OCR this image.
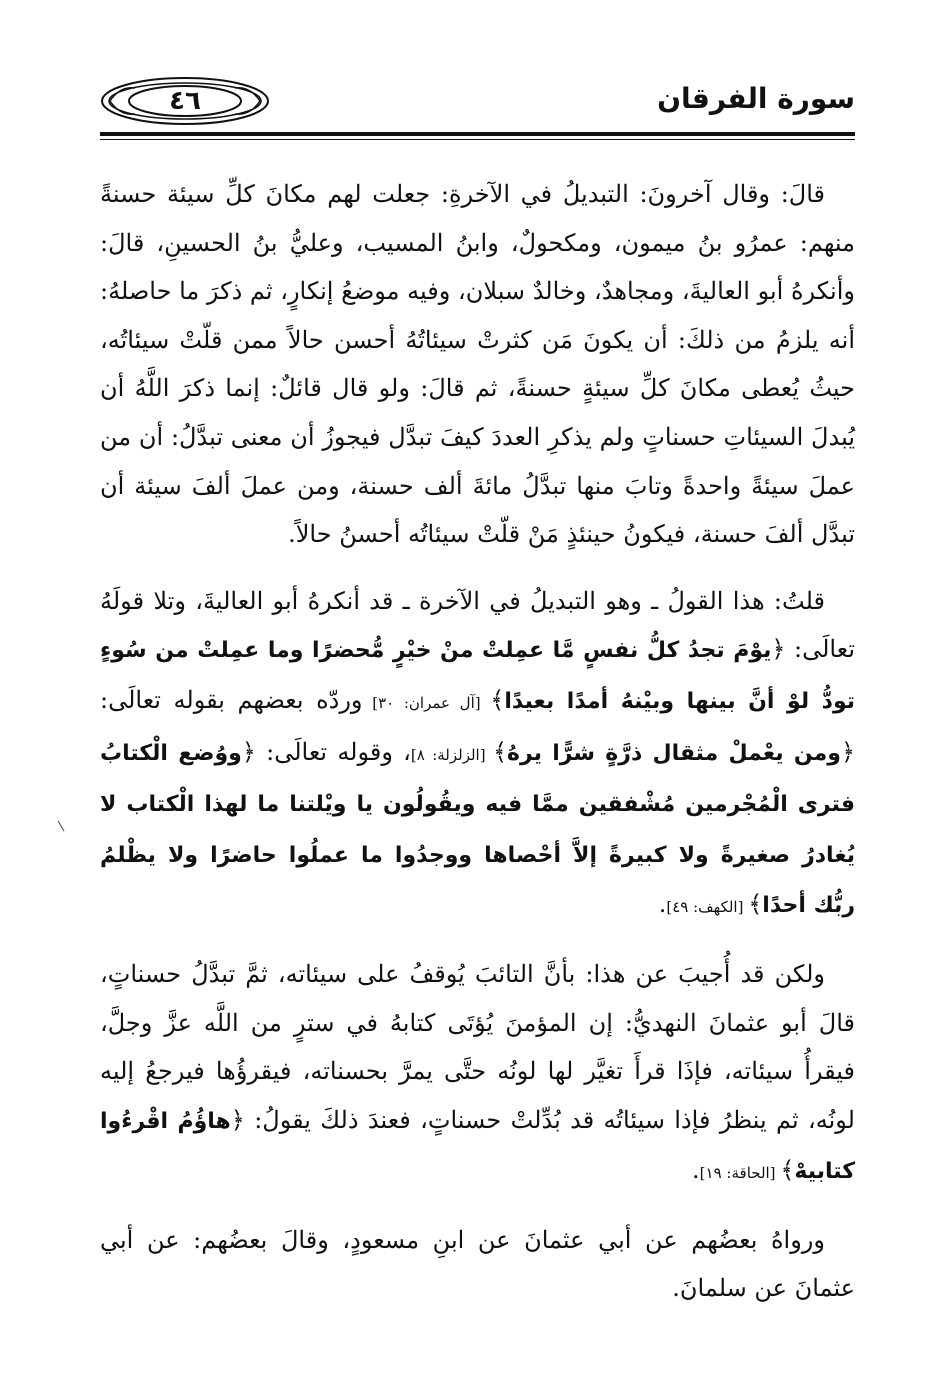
٤٦	سورة الفرقان

قالَ: وقال آخرونَ: التبديلُ في الآخرةِ: جعلت لهم مكانَ كلِّ سيئة حسنةً منهم: عمرُو بنُ ميمون، ومكحولٌ، وابنُ المسيب، وعليُّ بنُ الحسينِ، قالَ: وأنكرهُ أبو العاليةَ، ومجاهدٌ، وخالدٌ سبلان، وفيه موضعُ إنكارٍ، ثم ذكرَ ما حاصلهُ: أنه يلزمُ من ذلكَ: أن يكونَ مَن كثرتْ سيئاتُهُ أحسن حالاً ممن قلّتْ سيئاتُه، حيثُ يُعطى مكانَ كلِّ سيئةٍ حسنةً، ثم قالَ: ولو قال قائلٌ: إنما ذكرَ اللَّهُ أن يُبدلَ السيئاتِ حسناتٍ ولم يذكرِ العددَ كيفَ تبدَّل فيجوزُ أن معنى تبدَّلُ: أن من عملَ سيئةً واحدةً وتابَ منها تبدَّلُ مائةَ ألف حسنة، ومن عملَ ألفَ سيئة أن تبدَّل ألفَ حسنة، فيكونُ حينئذٍ مَنْ قلّتْ سيئاتُه أحسنُ حالاً.

قلتُ: هذا القولُ ـ وهو التبديلُ في الآخرة ـ قد أنكرهُ أبو العاليةَ، وتلا قولَهُ تعالَى: ﴿يوْمَ تجدُ كلُّ نفسٍ مَّا عمِلتْ منْ خيْرٍ مُّحضرًا وما عمِلتْ من سُوءٍ تودُّ لوْ أنَّ بينها وبيْنهُ أمدًا بعيدًا﴾ [آل عمران: ٣٠] وردّه بعضهم بقوله تعالَى: ﴿ومن يعْملْ مثقال ذرَّةٍ شرًّا يرهُ﴾ [الزلزلة: ٨]، وقوله تعالَى: ﴿ووُضع الْكتابُ فترى الْمُجْرمين مُشْفقين ممَّا فيه ويقُولُون يا ويْلتنا ما لهذا الْكتاب لا يُغادرُ صغيرةً ولا كبيرةً إلاَّ أحْصاها ووجدُوا ما عملُوا حاضرًا ولا يظْلمُ ربُّك أحدًا﴾ [الكهف: ٤٩].

ولكن قد أُجيبَ عن هذا: بأنَّ التائبَ يُوقفُ على سيئاته، ثمَّ تبدَّلُ حسناتٍ، قالَ أبو عثمانَ النهديُّ: إن المؤمنَ يُؤتَى كتابهُ في سترٍ من اللَّه عزَّ وجلَّ، فيقرأُ سيئاته، فإذَا قرأَ تغيَّر لها لونُه حتَّى يمرَّ بحسناته، فيقرؤُها فيرجعُ إليه لونُه، ثم ينظرُ فإذا سيئاتُه قد بُدِّلتْ حسناتٍ، فعندَ ذلكَ يقولُ: ﴿هاؤُمُ اقْرءُوا كتابيهْ﴾ [الحاقة: ١٩].

ورواهُ بعضُهم عن أبي عثمانَ عن ابنِ مسعودٍ، وقالَ بعضُهم: عن أبي عثمانَ عن سلمانَ.
